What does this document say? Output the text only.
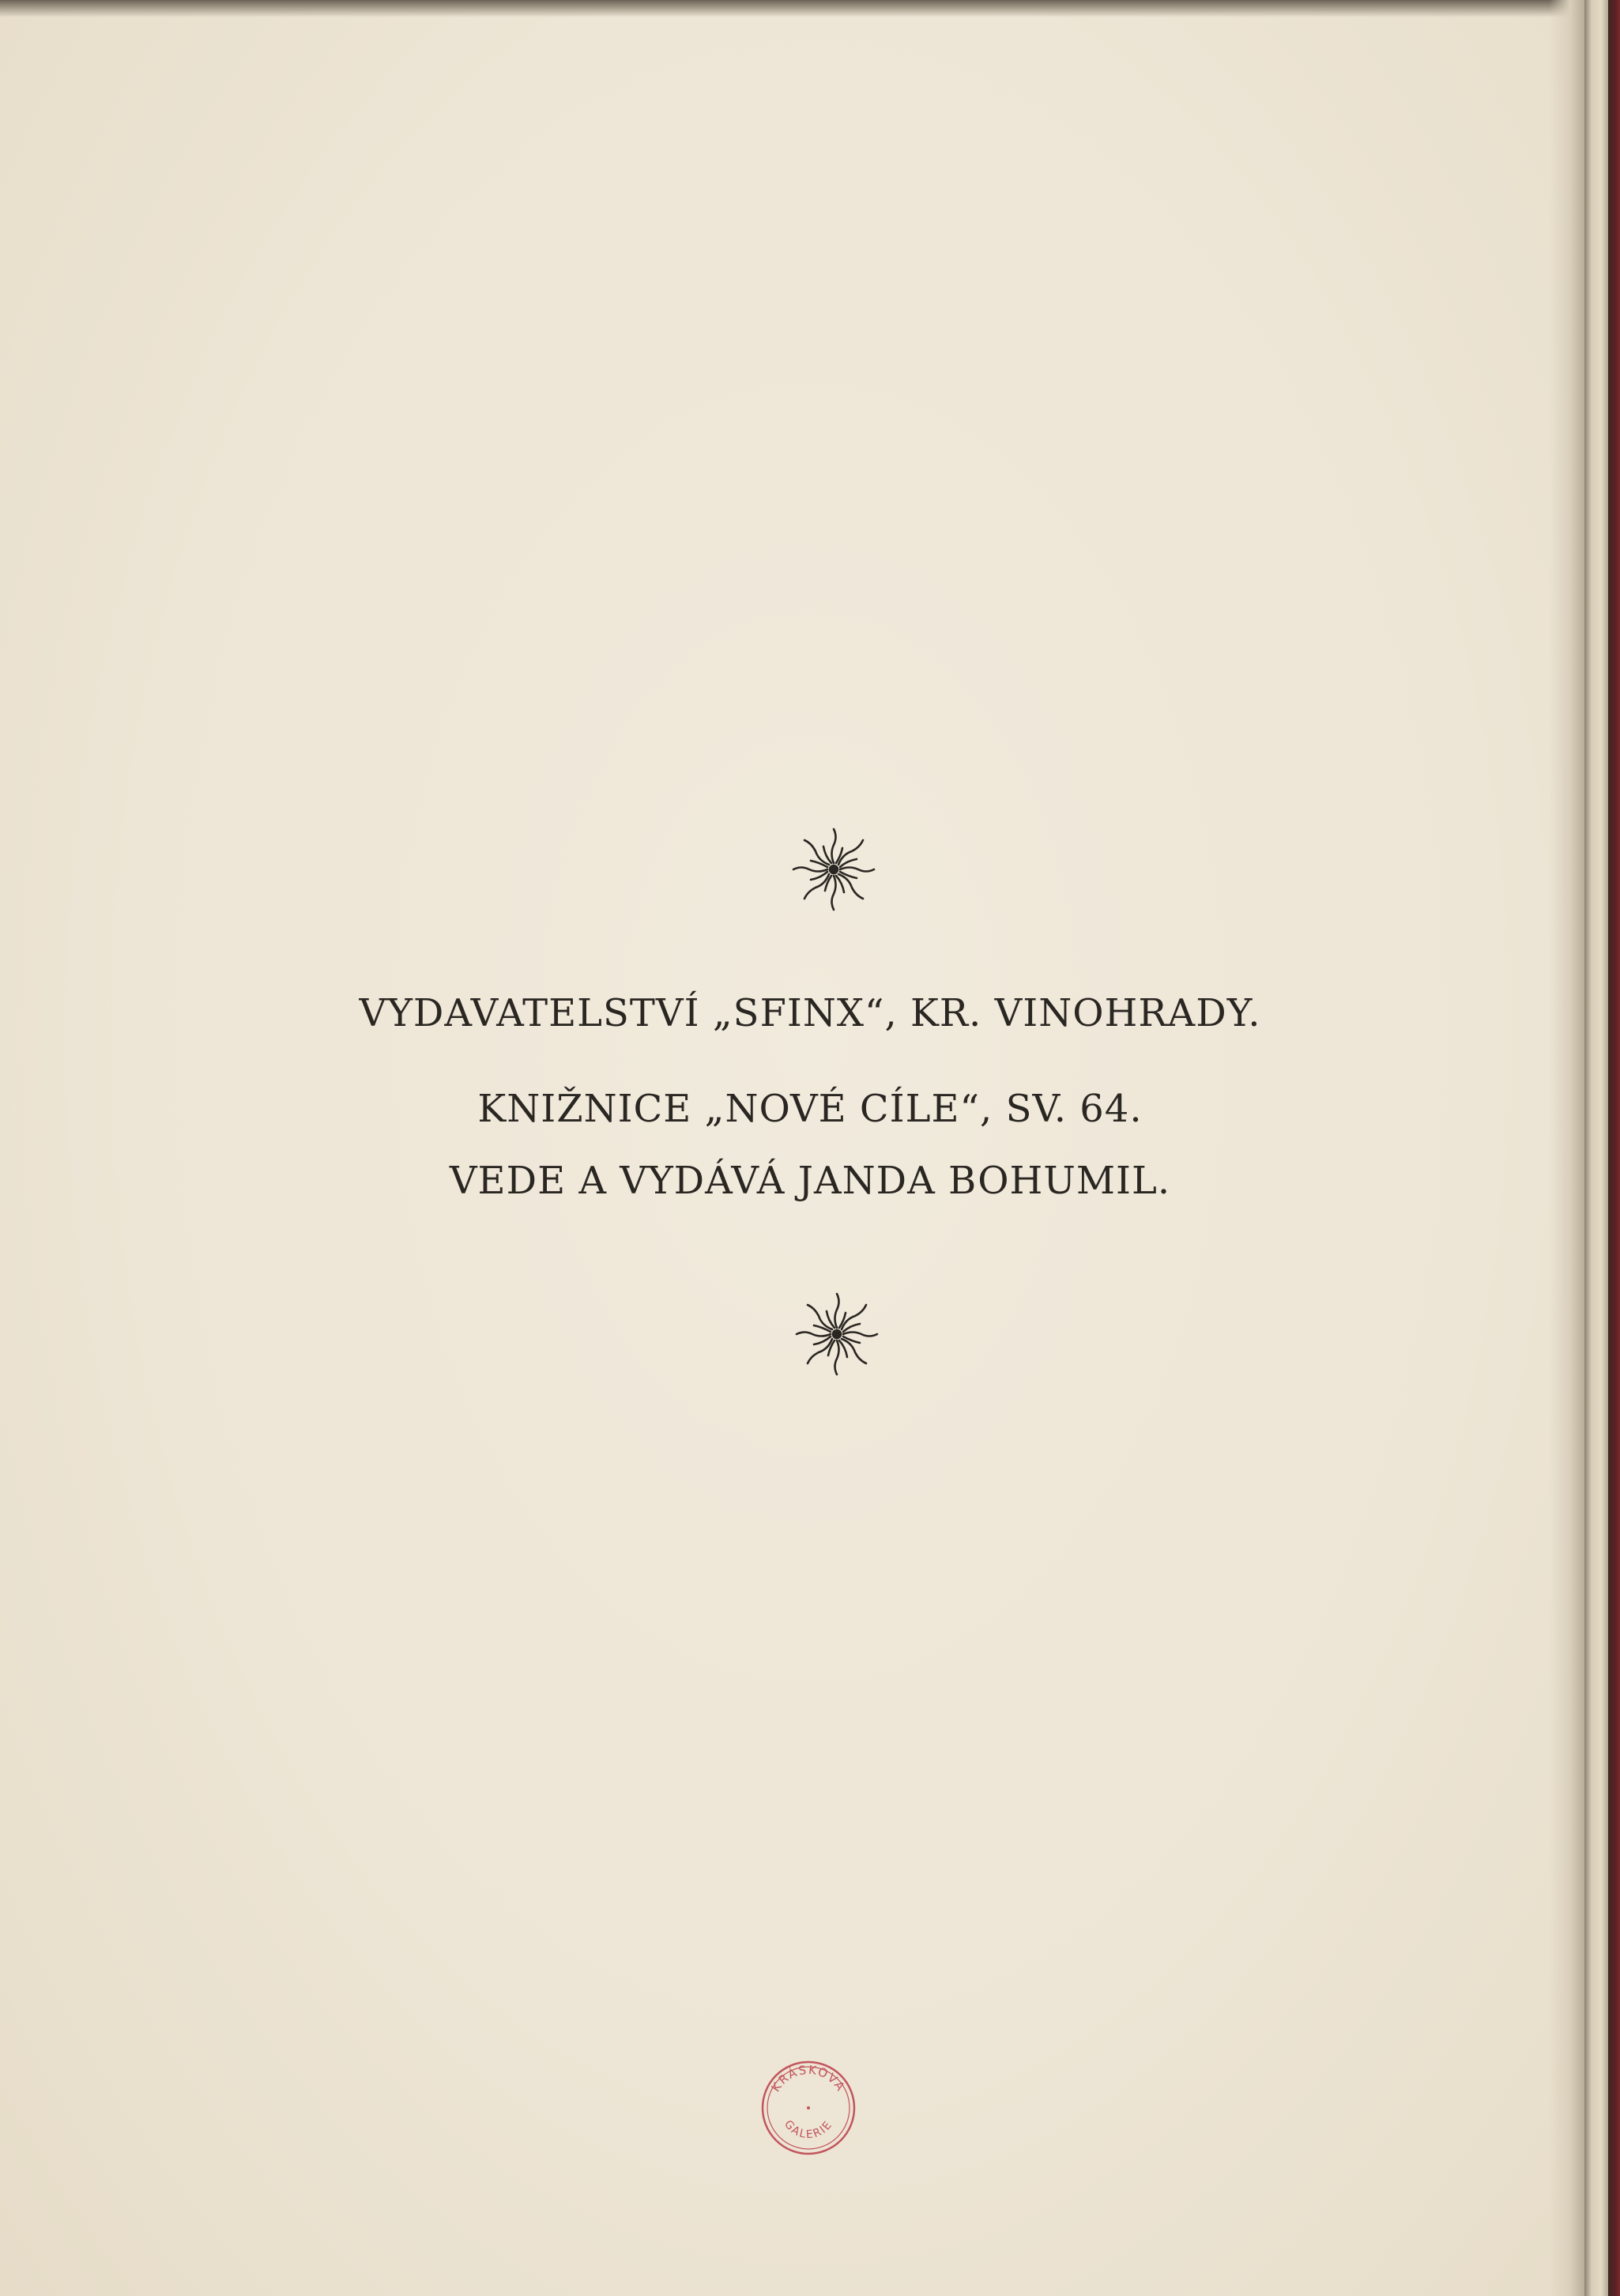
VYDAVATELSTVÍ „SFINX“, KR. VINOHRADY.
KNIŽNICE „NOVÉ CÍLE“, SV. 64.
VEDE A VYDÁVÁ JANDA BOHUMIL.
KRÁSKOVA
GALERIE
